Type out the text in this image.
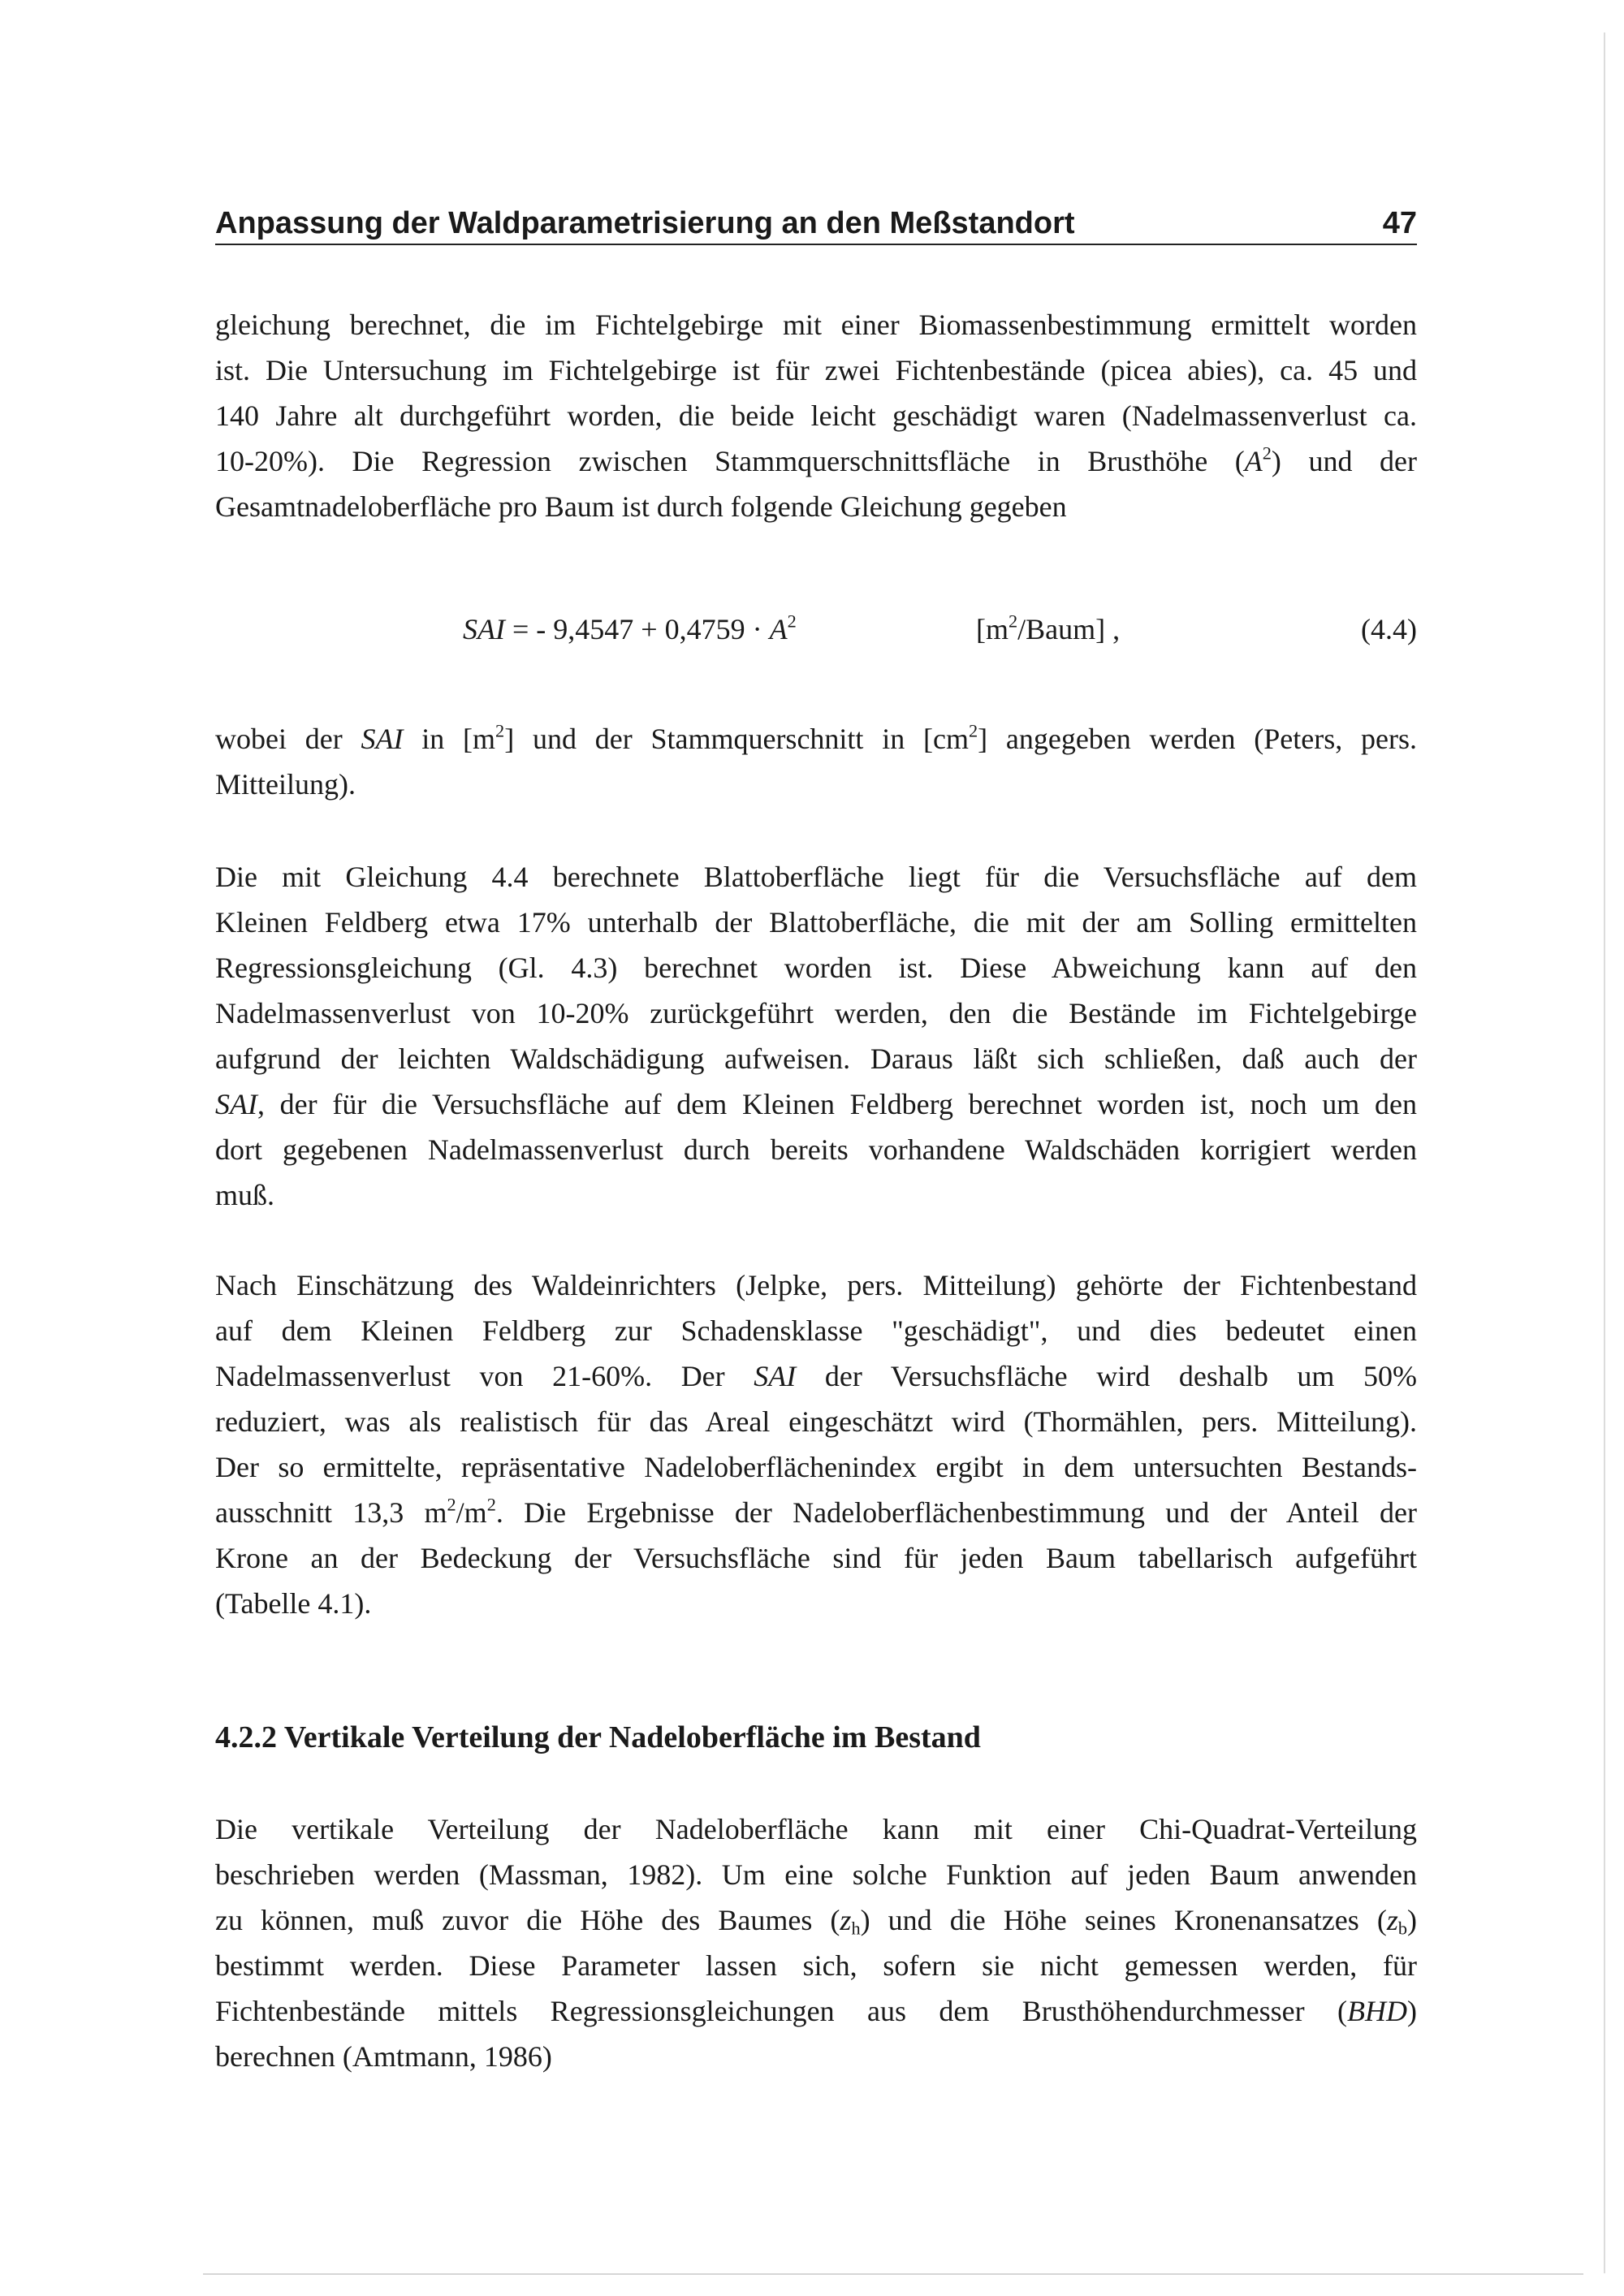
Anpassung der Waldparametrisierung an den Meßstandort	47

gleichung berechnet, die im Fichtelgebirge mit einer Biomassenbestimmung ermittelt worden
ist. Die Untersuchung im Fichtelgebirge ist für zwei Fichtenbestände (picea abies), ca. 45 und
140 Jahre alt durchgeführt worden, die beide leicht geschädigt waren (Nadelmassenverlust ca.
10-20%). Die Regression zwischen Stammquerschnittsfläche in Brusthöhe $(A^2)$ und der
Gesamtnadeloberfläche pro Baum ist durch folgende Gleichung gegeben

SAI = - $9,4547 + 0,4759 \cdot A^2$	$[m^2/Baum]$ ,	(4.4)

wobei der SAI in $[m^2]$ und der Stammquerschnitt in $[cm^2]$ angegeben werden (Peters, pers.
Mitteilung).

Die mit Gleichung 4.4 berechnete Blattoberfläche liegt für die Versuchsfläche auf dem
Kleinen Feldberg etwa 17% unterhalb der Blattoberfläche, die mit der am Solling ermittelten
Regressionsgleichung (Gl. 4.3) berechnet worden ist. Diese Abweichung kann auf den
Nadelmassenverlust von 10-20% zurückgeführt werden, den die Bestände im Fichtelgebirge
aufgrund der leichten Waldschädigung aufweisen. Daraus läßt sich schließen, daß auch der
SAI, der für die Versuchsfläche auf dem Kleinen Feldberg berechnet worden ist, noch um den
dort gegebenen Nadelmassenverlust durch bereits vorhandene Waldschäden korrigiert werden
muß.

Nach Einschätzung des Waldeinrichters (Jelpke, pers. Mitteilung) gehörte der Fichtenbestand
auf dem Kleinen Feldberg zur Schadensklasse "geschädigt", und dies bedeutet einen
Nadelmassenverlust von 21-60%. Der SAI der Versuchsfläche wird deshalb um 50%
reduziert, was als realistisch für das Areal eingeschätzt wird (Thormählen, pers. Mitteilung).
Der so ermittelte, repräsentative Nadeloberflächenindex ergibt in dem untersuchten Bestands-
ausschnitt 13,3 $m^2/m^2$. Die Ergebnisse der Nadeloberflächenbestimmung und der Anteil der
Krone an der Bedeckung der Versuchsfläche sind für jeden Baum tabellarisch aufgeführt
(Tabelle 4.1).

4.2.2 Vertikale Verteilung der Nadeloberfläche im Bestand

Die vertikale Verteilung der Nadeloberfläche kann mit einer Chi-Quadrat-Verteilung
beschrieben werden (Massman, 1982). Um eine solche Funktion auf jeden Baum anwenden
zu können, muß zuvor die Höhe des Baumes $(z_h)$ und die Höhe seines Kronenansatzes $(z_b)$
bestimmt werden. Diese Parameter lassen sich, sofern sie nicht gemessen werden, für
Fichtenbestände mittels Regressionsgleichungen aus dem Brusthöhendurchmesser (BHD)
berechnen (Amtmann, 1986)
